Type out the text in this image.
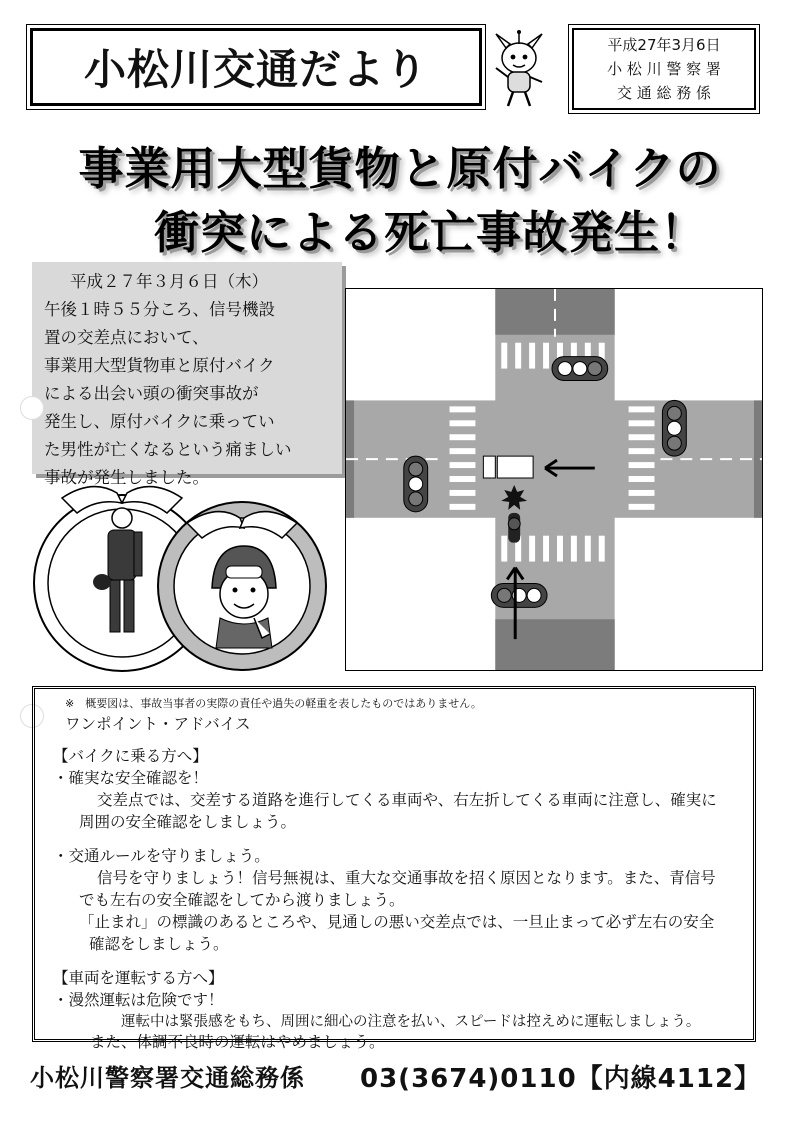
小松川交通だより	平成27年3月6日
小 松 川 警 察 署
交 通 総 務 係
事業用大型貨物と原付バイクの
衝突による死亡事故発生！
平成２７年３月６日（木）
午後１時５５分ころ、信号機設
置の交差点において、
事業用大型貨物車と原付バイク
による出会い頭の衝突事故が
発生し、原付バイクに乗ってい
た男性が亡くなるという痛ましい
事故が発生しました。

※　概要図は、事故当事者の実際の責任や過失の軽重を表したものではありません。

ワンポイント・アドバイス

【バイクに乗る方へ】

・確実な安全確認を！

交差点では、交差する道路を進行してくる車両や、右左折してくる車両に注意し、確実に

周囲の安全確認をしましょう。

・交通ルールを守りましょう。

信号を守りましょう！信号無視は、重大な交通事故を招く原因となります。また、青信号

でも左右の安全確認をしてから渡りましょう。

「止まれ」の標識のあるところや、見通しの悪い交差点では、一旦止まって必ず左右の安全

確認をしましょう。

【車両を運転する方へ】

・漫然運転は危険です！

運転中は緊張感をもち、周囲に細心の注意を払い、スピードは控えめに運転しましょう。

また、体調不良時の運転はやめましょう。
小松川警察署交通総務係 03(3674)0110【内線4112】
